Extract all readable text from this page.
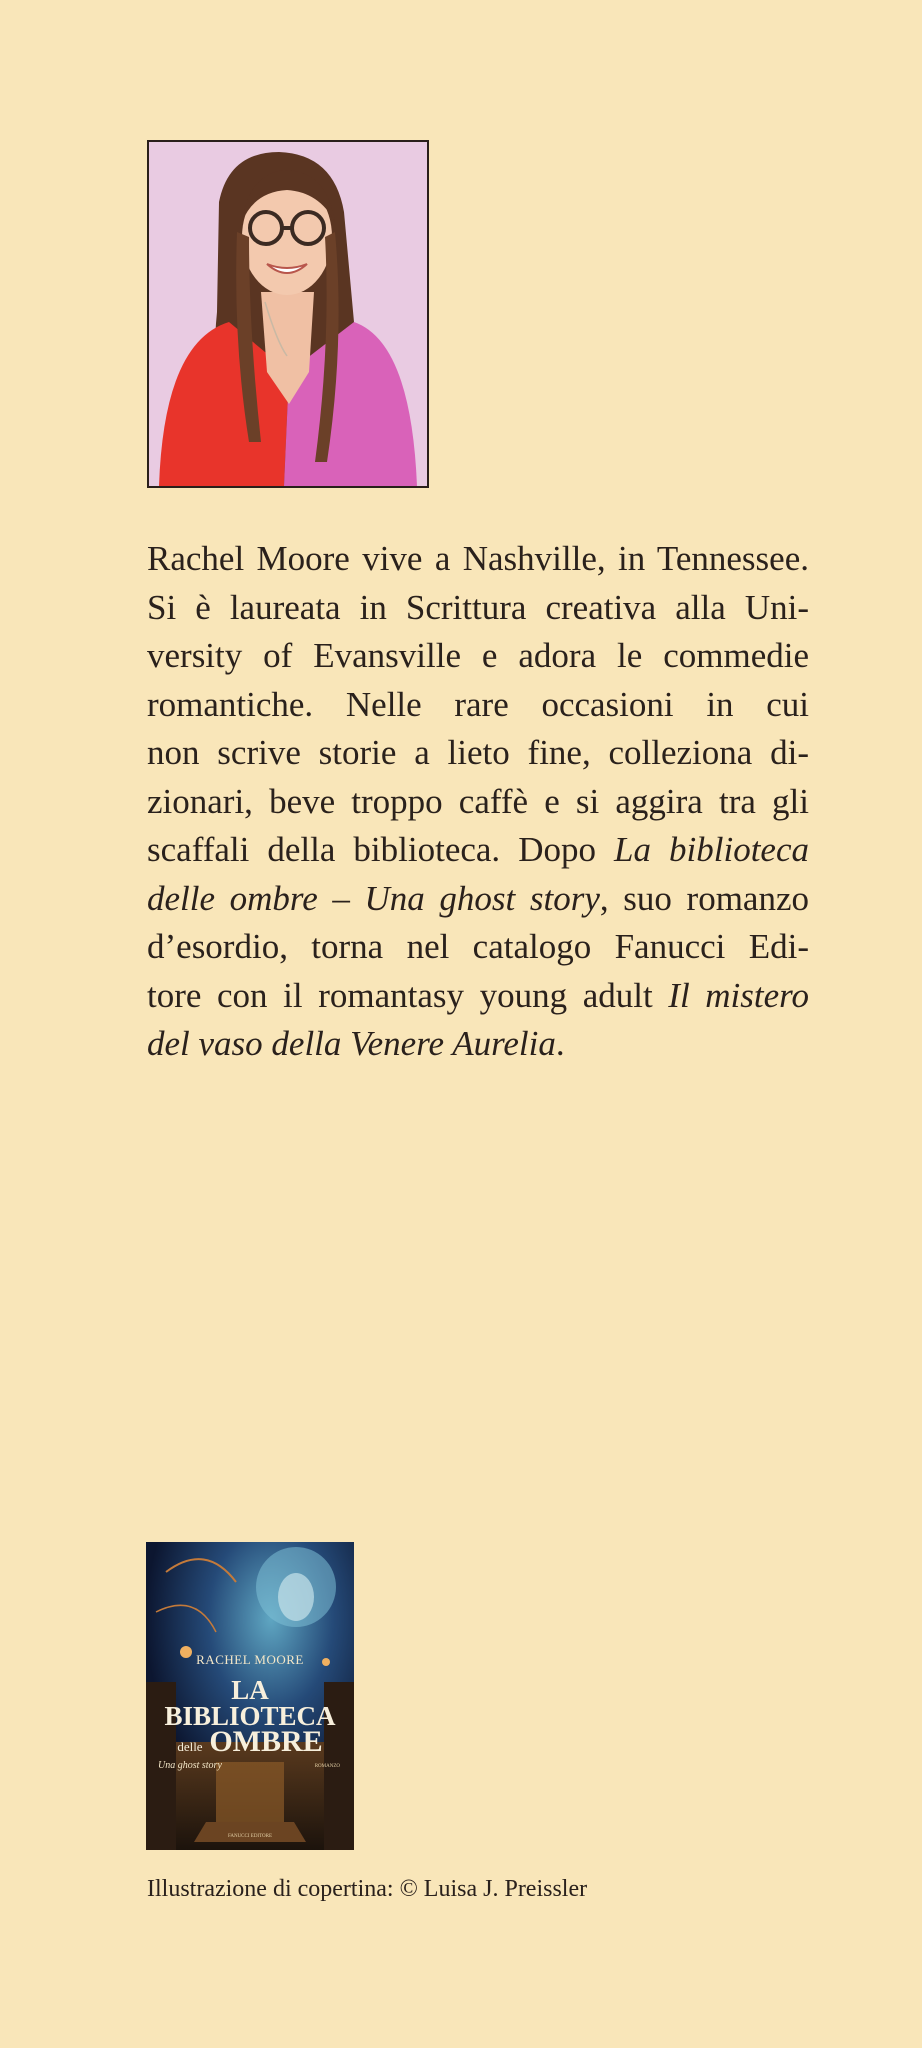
Rachel Moore vive a Nashville, in Tennessee.
Si è laureata in Scrittura creativa alla Uni-
versity of Evansville e adora le commedie
romantiche. Nelle rare occasioni in cui
non scrive storie a lieto fine, colleziona di-
zionari, beve troppo caffè e si aggira tra gli
scaffali della biblioteca. Dopo La biblioteca
delle ombre – Una ghost story, suo romanzo
d’esordio, torna nel catalogo Fanucci Edi-
tore con il romantasy young adult Il mistero
del vaso della Venere Aurelia.

RACHEL MOORE
LA BIBLIOTECA
delle OMBRE
Una ghost story	ROMANZO
FANUCCI EDITORE
Illustrazione di copertina: © Luisa J. Preissler
